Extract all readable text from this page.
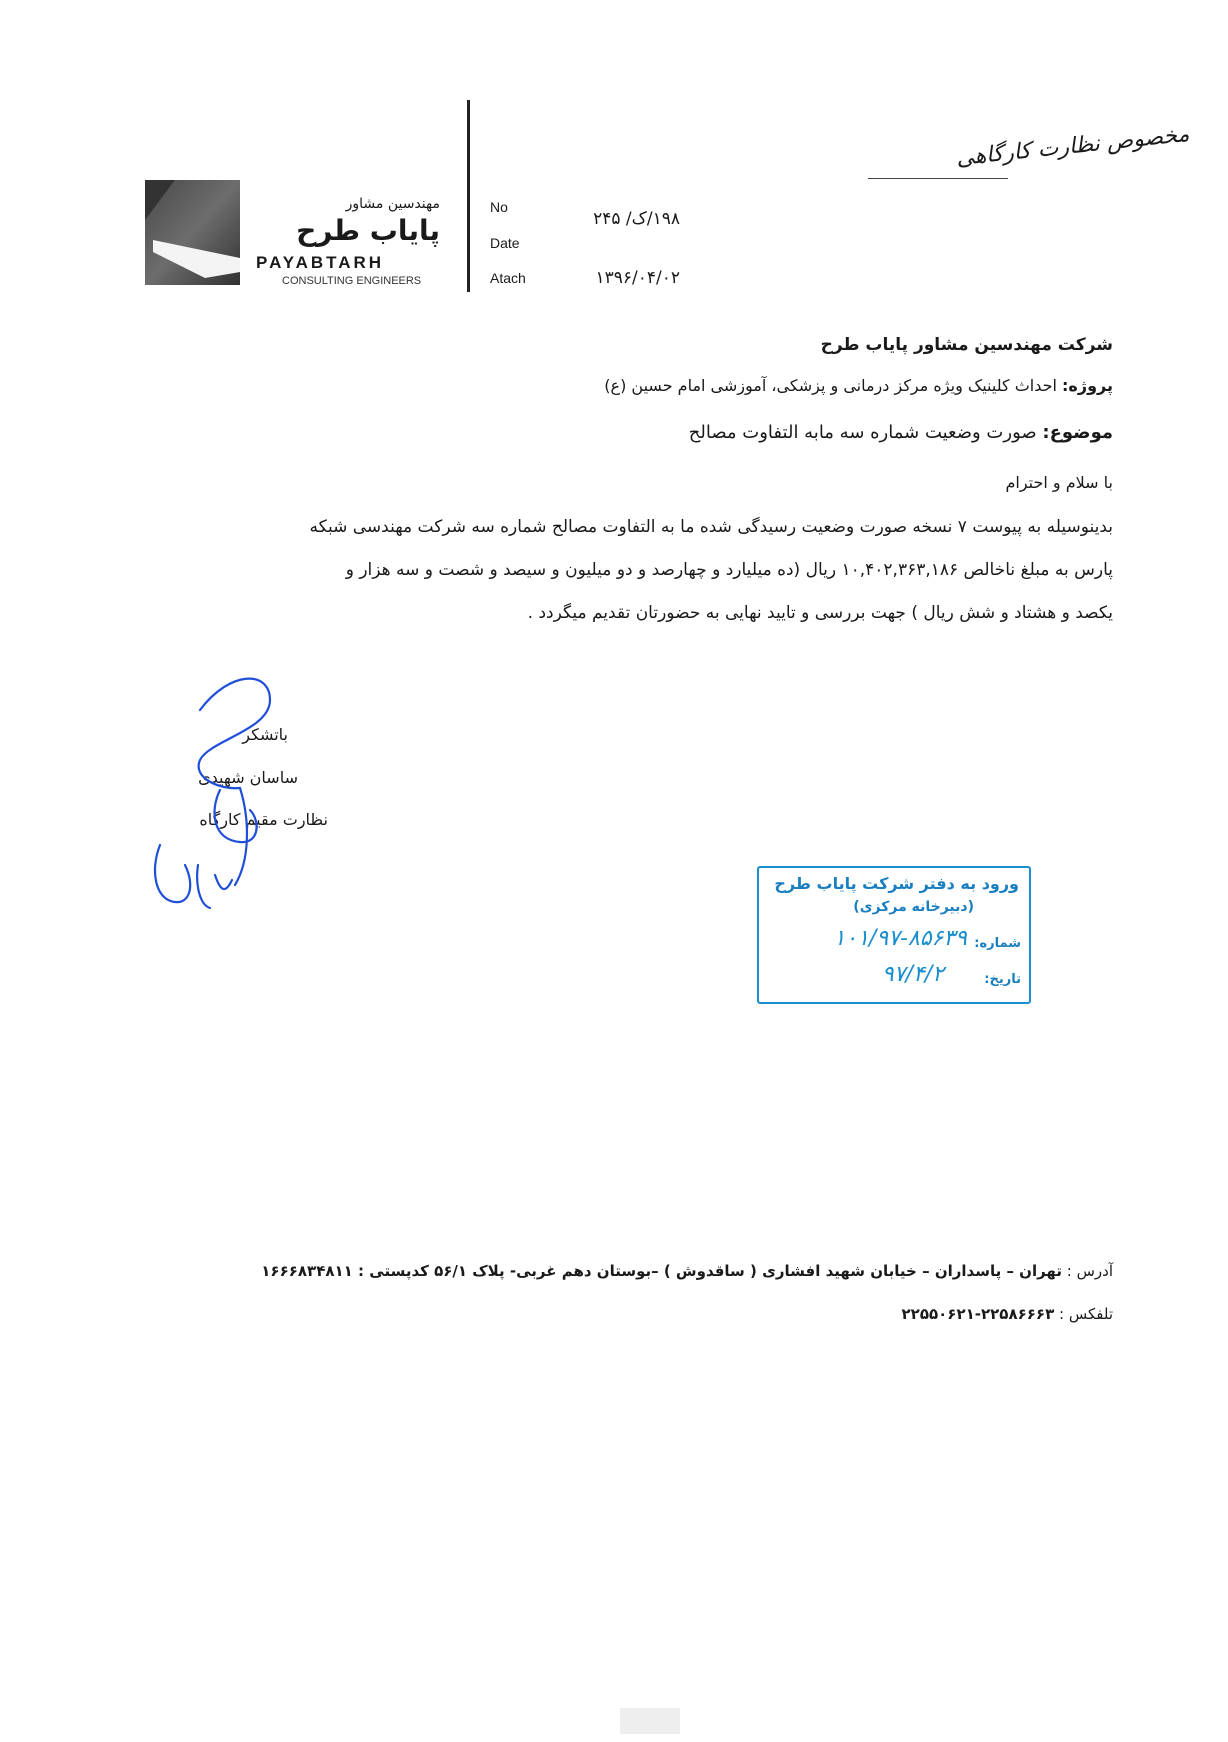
مهندسین مشاور
پایاب طرح
PAYABTARH
CONSULTING ENGINEERS
No
Date
Atach
۱۹۸/ک/ ۲۴۵
۱۳۹۶/۰۴/۰۲
مخصوص نظارت کارگاهی
شرکت مهندسین مشاور پایاب طرح
پروژه: احداث کلینیک ویژه مرکز درمانی و پزشکی، آموزشی امام حسین (ع)
موضوع: صورت وضعیت شماره سه مابه التفاوت مصالح
با سلام و احترام
بدینوسیله به پیوست ۷ نسخه صورت وضعیت رسیدگی شده ما به التفاوت مصالح شماره سه شرکت مهندسی شبکه
پارس به مبلغ ناخالص ۱۰,۴۰۲,۳۶۳,۱۸۶ ریال (ده میلیارد و چهارصد و دو میلیون و سیصد و شصت و سه هزار و
یکصد و هشتاد و شش ریال ) جهت بررسی و تایید نهایی به حضورتان تقدیم میگردد .
باتشکر
ساسان شهیدی
نظارت مقیم کارگاه
ورود به دفتر شرکت پایاب طرح
(دبیرخانه مرکزی)
شماره:
۱۰۱/۹۷-۸۵۶۳۹
تاریخ:
۹۷/۴/۲
آدرس : تهران – پاسداران – خیابان شهید افشاری ( ساقدوش ) –بوستان دهم غربی- پلاک ۵۶/۱ کدپستی : ۱۶۶۶۸۳۴۸۱۱
تلفکس : ۲۲۵۸۶۶۶۳-۲۲۵۵۰۶۲۱
